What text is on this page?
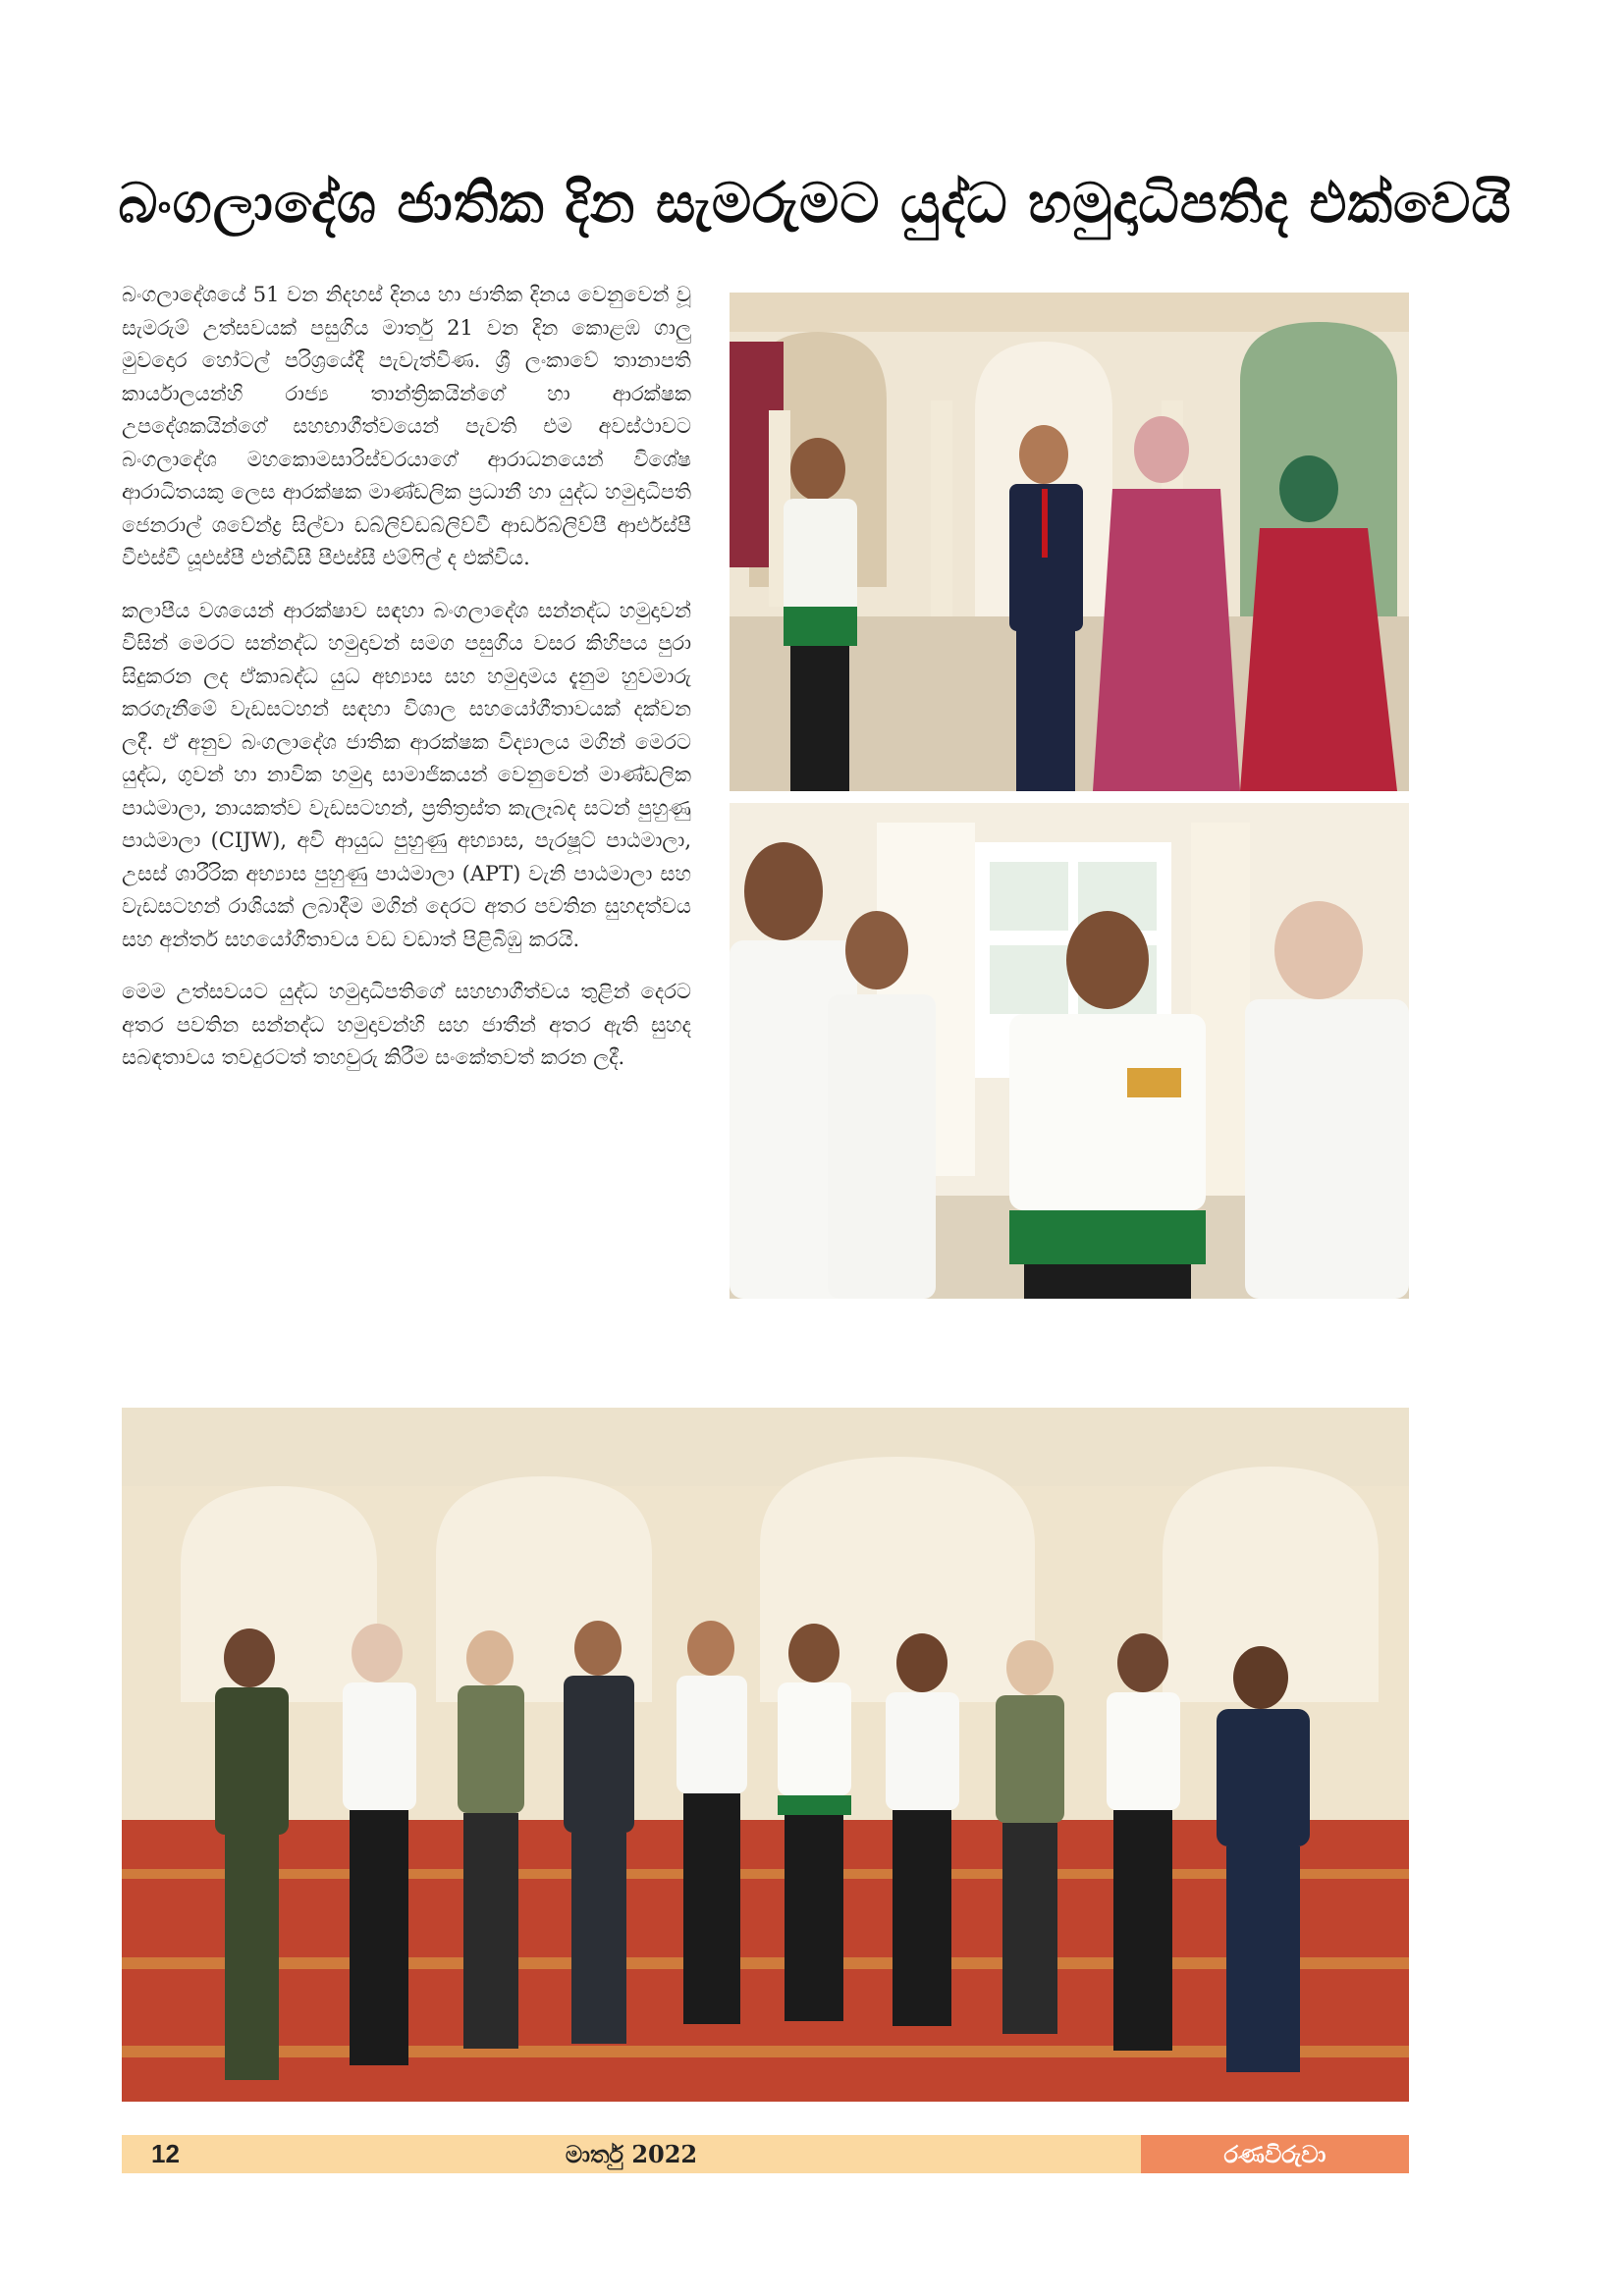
බංගලාදේශ ජාතික දින සැමරුමට යුද්ධ හමුදාධිපතිද එක්වෙයි

බංගලාදේශයේ 51 වන නිදහස් දිනය හා ජාතික දිනය වෙනුවෙන් වූ සැමරුම් උත්සවයක් පසුගිය මාර්තු 21 වන දින කොළඹ ගාලු මුවදොර හෝටල් පරිශ්‍රයේදී පැවැත්විණ. ශ්‍රී ලංකාවේ තානාපති කාර්යාලයන්හි රාජ්‍ය තාන්ත්‍රිකයින්ගේ හා ආරක්ෂක උපදේශකයින්ගේ සහභාගීත්වයෙන් පැවති එම අවස්ථාවට බංගලාදේශ මහකොමසාරිස්වරයාගේ ආරාධනයෙන් විශේෂ ආරාධිතයකු ලෙස ආරක්ෂක මාණ්ඩලික ප්‍රධානී හා යුද්ධ හමුදාධිපති ජෙනරාල් ශවේන්ද්‍ර සිල්වා ඩබ්ලිව්ඩබ්ලිව්වී ආර්ඩබ්ලිව්පී ආර්එස්පී වීඑස්වී යූඑස්පී එන්ඩීසී පීඑස්සී එම්ෆිල් ද එක්විය.

කලාපීය වශයෙන් ආරක්ෂාව සඳහා බංගලාදේශ සන්නද්ධ හමුදාවන් විසින් මෙරට සන්නද්ධ හමුදාවන් සමග පසුගිය වසර කිහිපය පුරා සිදුකරන ලද ඒකාබද්ධ යුධ අභ්‍යාස සහ හමුදාමය දැනුම හුවමාරු කරගැනීමේ වැඩසටහන් සඳහා විශාල සහයෝගීතාවයක් දක්වන ලදී. ඒ අනුව බංගලාදේශ ජාතික ආරක්ෂක විද්‍යාලය මගින් මෙරට යුද්ධ, ගුවන් හා නාවික හමුදා සාමාජිකයන් වෙනුවෙන් මාණ්ඩලික පාඨමාලා, නායකත්ව වැඩසටහන්, ප්‍රතිත්‍රස්ත කැලෑබද සටන් පුහුණු පාඨමාලා (CIJW), අවි ආයුධ පුහුණු අභ්‍යාස, පැරෂූට් පාඨමාලා, උසස් ශාරීරික අභ්‍යාස පුහුණු පාඨමාලා (APT) වැනි පාඨමාලා සහ වැඩසටහන් රාශියක් ලබාදීම මගින් දෙරට අතර පවතින සුහදත්වය සහ අන්තර් සහයෝගීතාවය වඩ වඩාත් පිළිබිඹු කරයි.

මෙම උත්සවයට යුද්ධ හමුදාධිපතිගේ සහභාගීත්වය තුළින් දෙරට අතර පවතින සන්නද්ධ හමුදාවන්හි සහ ජාතීන් අතර ඇති සුහද සබඳතාවය තවදුරටත් තහවුරු කිරීම සංකේතවත් කරන ලදී.

12	මාර්තු 2022	රණවිරුවා
